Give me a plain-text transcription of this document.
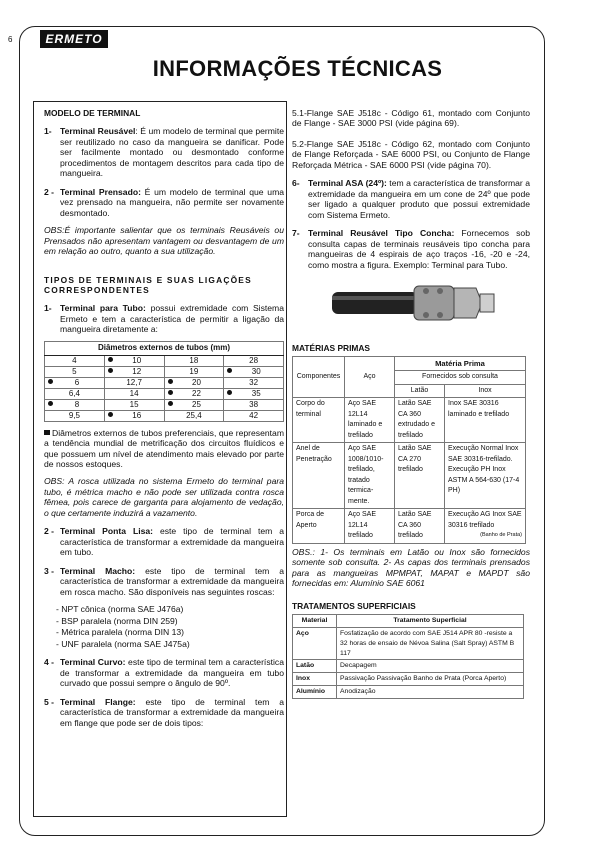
6	ERMETO
INFORMAÇÕES TÉCNICAS

MODELO DE TERMINAL

1- Terminal Reusável: É um modelo de terminal que permite ser reutilizado no caso da mangueira se danificar. Pode ser facilmente montado ou desmontado conforme procedimentos de montagem descritos para cada tipo de mangueira.
2 - Terminal Prensado: É um modelo de terminal que uma vez prensado na mangueira, não permite ser novamente desmontado.

OBS:É importante salientar que os terminais Reusáveis ou Prensados não apresentam vantagem ou desvantagem de um em relação ao outro, quanto a sua utilização.

TIPOS DE TERMINAIS E SUAS LIGAÇÕES CORRESPONDENTES

1- Terminal para Tubo: possui extremidade com Sistema Ermeto e tem a característica de permitir a ligação da mangueira diretamente a:
Diâmetros externos de tubos (mm)			
4	10	18	28
5	12	19	30
6	12,7	20	32
6,4	14	22	35
8	15	25	38
9,5	16	25,4	42

Diâmetros externos de tubos preferenciais, que representam a tendência mundial de metrificação dos circuitos fluídicos e que possuem um nível de atendimento mais elevado por parte de nossos estoques.

OBS: A rosca utilizada no sistema Ermeto do terminal para tubo, é métrica macho e não pode ser utilizada contra rosca fêmea, pois carece de garganta para alojamento de vedação, o que certamente induzirá a vazamento.

2 - Terminal Ponta Lisa: este tipo de terminal tem a característica de transformar a extremidade da mangueira em tubo.
3 - Terminal Macho: este tipo de terminal tem a característica de transformar a extremidade da mangueira em rosca macho. São disponíveis nas seguintes roscas:
- NPT cônica (norma SAE J476a)
- BSP paralela (norma DIN 259)
- Métrica paralela (norma DIN 13)
- UNF paralela (norma SAE J475a)
4 - Terminal Curvo: este tipo de terminal tem a característica de transformar a extremidade da mangueira em tubo curvado que possui sempre o ângulo de 90º.
5 - Terminal Flange: este tipo de terminal tem a característica de transformar a extremidade da mangueira em flange que pode ser de dois tipos:

5.1-Flange SAE J518c - Código 61, montado com Conjunto de Flange - SAE 3000 PSI (vide página 69).

5.2-Flange SAE J518c - Código 62, montado com Conjunto de Flange Reforçada - SAE 6000 PSI, ou Conjunto de Flange Reforçada Métrica - SAE 6000 PSI (vide página 70).

6- Terminal ASA (24º): tem a característica de transformar a extremidade da mangueira em um cone de 24º que pode ser ligado a qualquer produto que possui extremidade com Sistema Ermeto.
7- Terminal Reusável Tipo Concha: Fornecemos sob consulta capas de terminais reusáveis tipo concha para mangueiras de 4 espirais de aço traços -16, -20 e -24, como mostra a figura. Exemplo: Terminal para Tubo.

MATÉRIAS PRIMAS

Componentes	Aço	Matéria Prima	
		Fornecidos sob consulta	
		Latão	Inox

Corpo do terminal	Aço SAE 12L14 laminado e trefilado	Latão SAE CA 360 extrudado e trefilado	Inox SAE 30316 laminado e trefilado

Anel de Penetração	Aço SAE 1008/1010-trefilado, tratado termica-mente.	Latão SAE CA 270 trefilado	Execução Normal Inox SAE 30316-trefilado. Execução PH Inox ASTM A 564-630 (17-4 PH)

Porca de Aperto	Aço SAE 12L14 trefilado	Latão SAE CA 360 trefilado	Execução AG Inox SAE 30316 trefilado
(Banho de Prata)

OBS.: 1- Os terminais em Latão ou Inox são fornecidos somente sob consulta. 2- As capas dos terminais prensados para as mangueiras MPMPAT, MAPAT e MAPDT são fornecidas em: Alumínio SAE 6061

TRATAMENTOS SUPERFICIAIS

Material	Tratamento Superficial
Aço	Fosfatização de acordo com SAE J514 APR 80 -resiste a 32 horas de ensaio de Névoa Salina (Salt Spray) ASTM B 117
Latão	Decapagem
Inox	Passivação Passivação Banho de Prata (Porca Aperto)
Alumínio	Anodização
